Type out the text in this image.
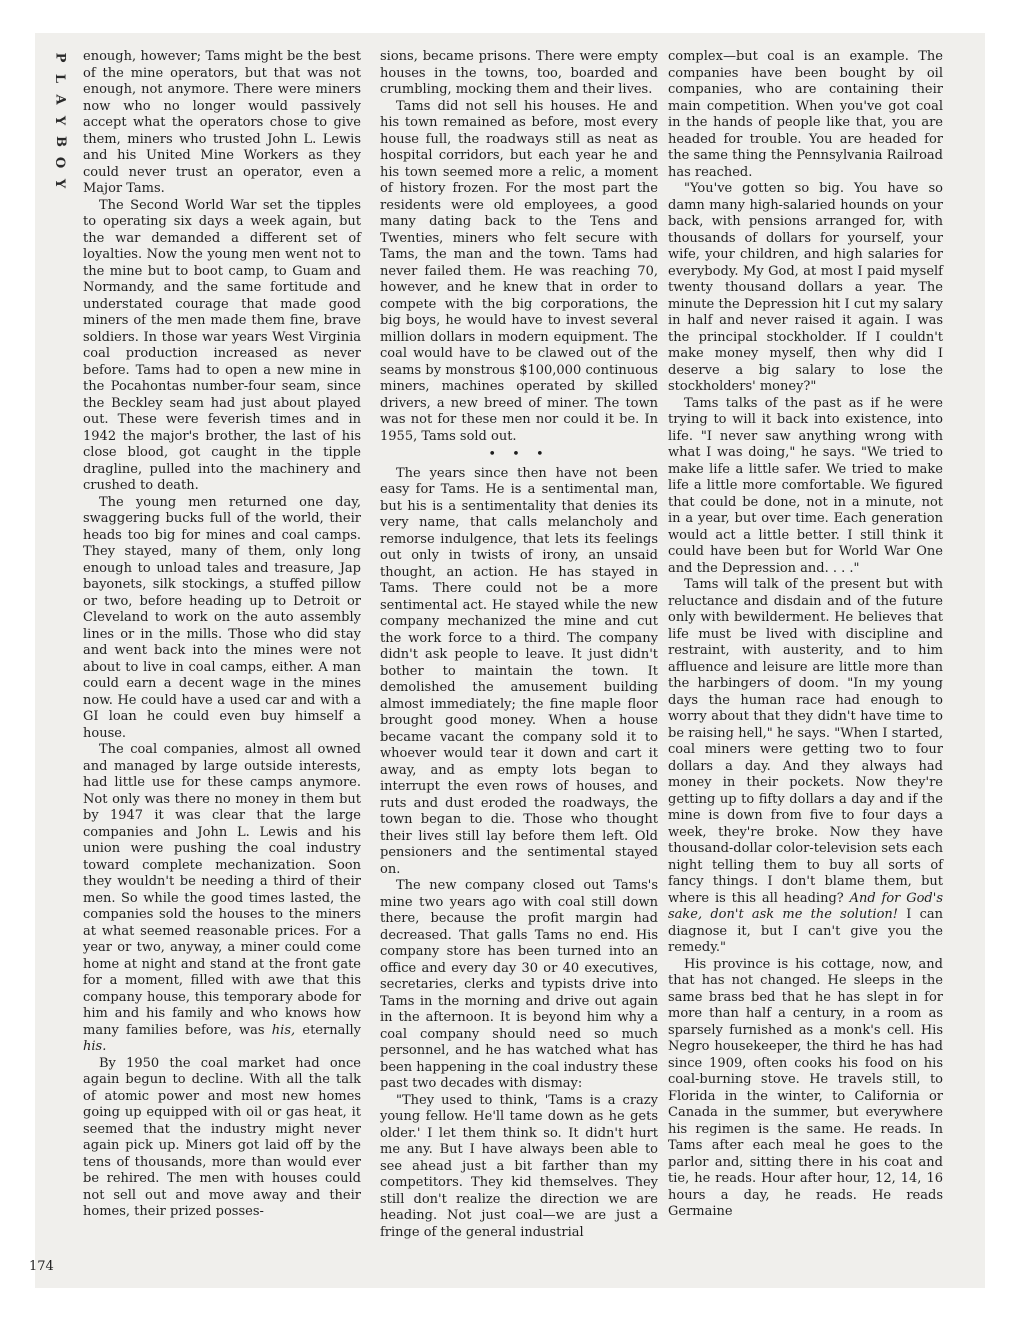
P
L
A
Y
B
O
Y

enough, however; Tams might be the best of the mine operators, but that was not enough, not anymore. There were miners now who no longer would passively accept what the operators chose to give them, miners who trusted John L. Lewis and his United Mine Workers as they could never trust an operator, even a Major Tams.

The Second World War set the tipples to operating six days a week again, but the war demanded a different set of loyalties. Now the young men went not to the mine but to boot camp, to Guam and Normandy, and the same fortitude and understated courage that made good miners of the men made them fine, brave soldiers. In those war years West Virginia coal production increased as never before. Tams had to open a new mine in the Pocahontas number-four seam, since the Beckley seam had just about played out. These were feverish times and in 1942 the major's brother, the last of his close blood, got caught in the tipple dragline, pulled into the machinery and crushed to death.

The young men returned one day, swaggering bucks full of the world, their heads too big for mines and coal camps. They stayed, many of them, only long enough to unload tales and treasure, Jap bayonets, silk stockings, a stuffed pillow or two, before heading up to Detroit or Cleveland to work on the auto assembly lines or in the mills. Those who did stay and went back into the mines were not about to live in coal camps, either. A man could earn a decent wage in the mines now. He could have a used car and with a GI loan he could even buy himself a house.

The coal companies, almost all owned and managed by large outside interests, had little use for these camps anymore. Not only was there no money in them but by 1947 it was clear that the large companies and John L. Lewis and his union were pushing the coal industry toward complete mechanization. Soon they wouldn't be needing a third of their men. So while the good times lasted, the companies sold the houses to the miners at what seemed reasonable prices. For a year or two, anyway, a miner could come home at night and stand at the front gate for a moment, filled with awe that this company house, this temporary abode for him and his family and who knows how many families before, was his, eternally his.

By 1950 the coal market had once again begun to decline. With all the talk of atomic power and most new homes going up equipped with oil or gas heat, it seemed that the industry might never again pick up. Miners got laid off by the tens of thousands, more than would ever be rehired. The men with houses could not sell out and move away and their homes, their prized posses-

sions, became prisons. There were empty houses in the towns, too, boarded and crumbling, mocking them and their lives.

Tams did not sell his houses. He and his town remained as before, most every house full, the roadways still as neat as hospital corridors, but each year he and his town seemed more a relic, a moment of history frozen. For the most part the residents were old employees, a good many dating back to the Tens and Twenties, miners who felt secure with Tams, the man and the town. Tams had never failed them. He was reaching 70, however, and he knew that in order to compete with the big corporations, the big boys, he would have to invest several million dollars in modern equipment. The coal would have to be clawed out of the seams by monstrous $100,000 continuous miners, machines operated by skilled drivers, a new breed of miner. The town was not for these men nor could it be. In 1955, Tams sold out.

• • •

The years since then have not been easy for Tams. He is a sentimental man, but his is a sentimentality that denies its very name, that calls melancholy and remorse indulgence, that lets its feelings out only in twists of irony, an unsaid thought, an action. He has stayed in Tams. There could not be a more sentimental act. He stayed while the new company mechanized the mine and cut the work force to a third. The company didn't ask people to leave. It just didn't bother to maintain the town. It demolished the amusement building almost immediately; the fine maple floor brought good money. When a house became vacant the company sold it to whoever would tear it down and cart it away, and as empty lots began to interrupt the even rows of houses, and ruts and dust eroded the roadways, the town began to die. Those who thought their lives still lay before them left. Old pensioners and the sentimental stayed on.

The new company closed out Tams's mine two years ago with coal still down there, because the profit margin had decreased. That galls Tams no end. His company store has been turned into an office and every day 30 or 40 executives, secretaries, clerks and typists drive into Tams in the morning and drive out again in the afternoon. It is beyond him why a coal company should need so much personnel, and he has watched what has been happening in the coal industry these past two decades with dismay:

"They used to think, 'Tams is a crazy young fellow. He'll tame down as he gets older.' I let them think so. It didn't hurt me any. But I have always been able to see ahead just a bit farther than my competitors. They kid themselves. They still don't realize the direction we are heading. Not just coal—we are just a fringe of the general industrial

complex—but coal is an example. The companies have been bought by oil companies, who are containing their main competition. When you've got coal in the hands of people like that, you are headed for trouble. You are headed for the same thing the Pennsylvania Railroad has reached.

"You've gotten so big. You have so damn many high-salaried hounds on your back, with pensions arranged for, with thousands of dollars for yourself, your wife, your children, and high salaries for everybody. My God, at most I paid myself twenty thousand dollars a year. The minute the Depression hit I cut my salary in half and never raised it again. I was the principal stockholder. If I couldn't make money myself, then why did I deserve a big salary to lose the stockholders' money?"

Tams talks of the past as if he were trying to will it back into existence, into life. "I never saw anything wrong with what I was doing," he says. "We tried to make life a little safer. We tried to make life a little more comfortable. We figured that could be done, not in a minute, not in a year, but over time. Each generation would act a little better. I still think it could have been but for World War One and the Depression and. . . ."

Tams will talk of the present but with reluctance and disdain and of the future only with bewilderment. He believes that life must be lived with discipline and restraint, with austerity, and to him affluence and leisure are little more than the harbingers of doom. "In my young days the human race had enough to worry about that they didn't have time to be raising hell," he says. "When I started, coal miners were getting two to four dollars a day. And they always had money in their pockets. Now they're getting up to fifty dollars a day and if the mine is down from five to four days a week, they're broke. Now they have thousand-dollar color-television sets each night telling them to buy all sorts of fancy things. I don't blame them, but where is this all heading? And for God's sake, don't ask me the solution! I can diagnose it, but I can't give you the remedy."

His province is his cottage, now, and that has not changed. He sleeps in the same brass bed that he has slept in for more than half a century, in a room as sparsely furnished as a monk's cell. His Negro housekeeper, the third he has had since 1909, often cooks his food on his coal-burning stove. He travels still, to Florida in the winter, to California or Canada in the summer, but everywhere his regimen is the same. He reads. In Tams after each meal he goes to the parlor and, sitting there in his coat and tie, he reads. Hour after hour, 12, 14, 16 hours a day, he reads. He reads Germaine

174
